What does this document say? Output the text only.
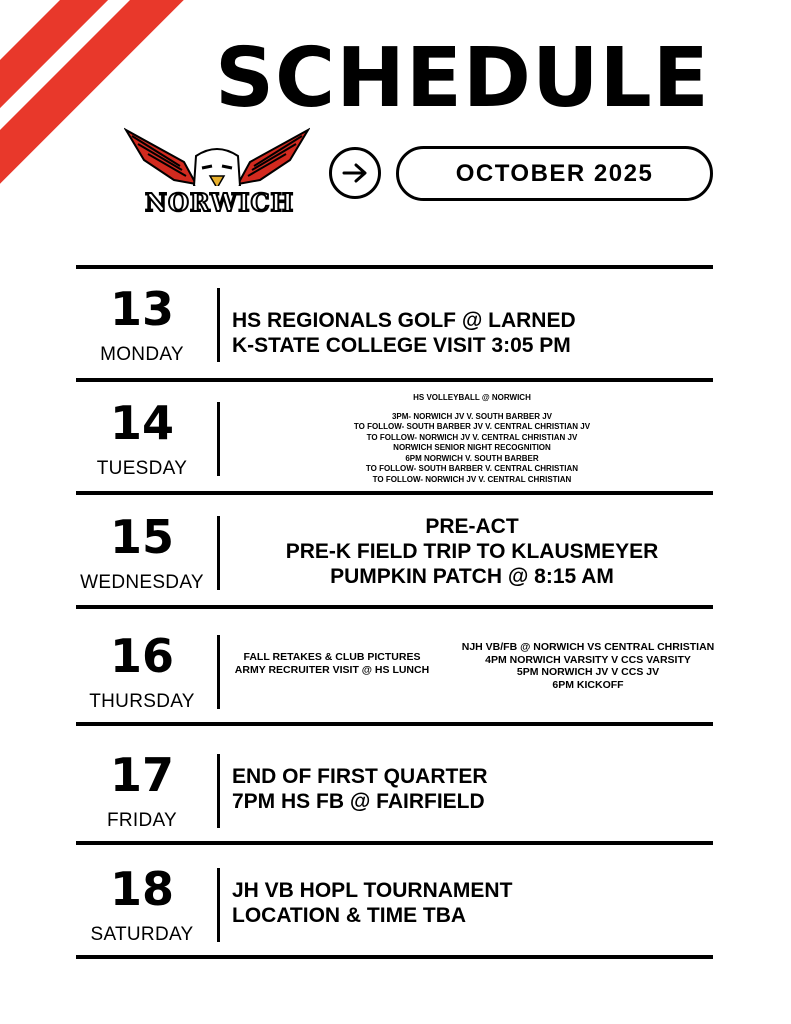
SCHEDULE
NORWICH
OCTOBER 2025
13
MONDAY
HS REGIONALS GOLF @ LARNED
K-STATE COLLEGE VISIT 3:05 PM
14
TUESDAY
HS VOLLEYBALL @ NORWICH
3PM- NORWICH JV V. SOUTH BARBER JV
TO FOLLOW- SOUTH BARBER JV V. CENTRAL CHRISTIAN JV
TO FOLLOW- NORWICH JV V. CENTRAL CHRISTIAN JV
NORWICH SENIOR NIGHT RECOGNITION
6PM NORWICH V. SOUTH BARBER
TO FOLLOW- SOUTH BARBER V. CENTRAL CHRISTIAN
TO FOLLOW- NORWICH JV V. CENTRAL CHRISTIAN
15
WEDNESDAY
PRE-ACT
PRE-K FIELD TRIP TO KLAUSMEYER
PUMPKIN PATCH @ 8:15 AM
16
THURSDAY
FALL RETAKES & CLUB PICTURES
ARMY RECRUITER VISIT @ HS LUNCH
NJH VB/FB @ NORWICH VS CENTRAL CHRISTIAN
4PM NORWICH VARSITY V CCS VARSITY
5PM NORWICH JV V CCS JV
6PM KICKOFF
17
FRIDAY
END OF FIRST QUARTER
7PM HS FB @ FAIRFIELD
18
SATURDAY
JH VB HOPL TOURNAMENT
LOCATION & TIME TBA
